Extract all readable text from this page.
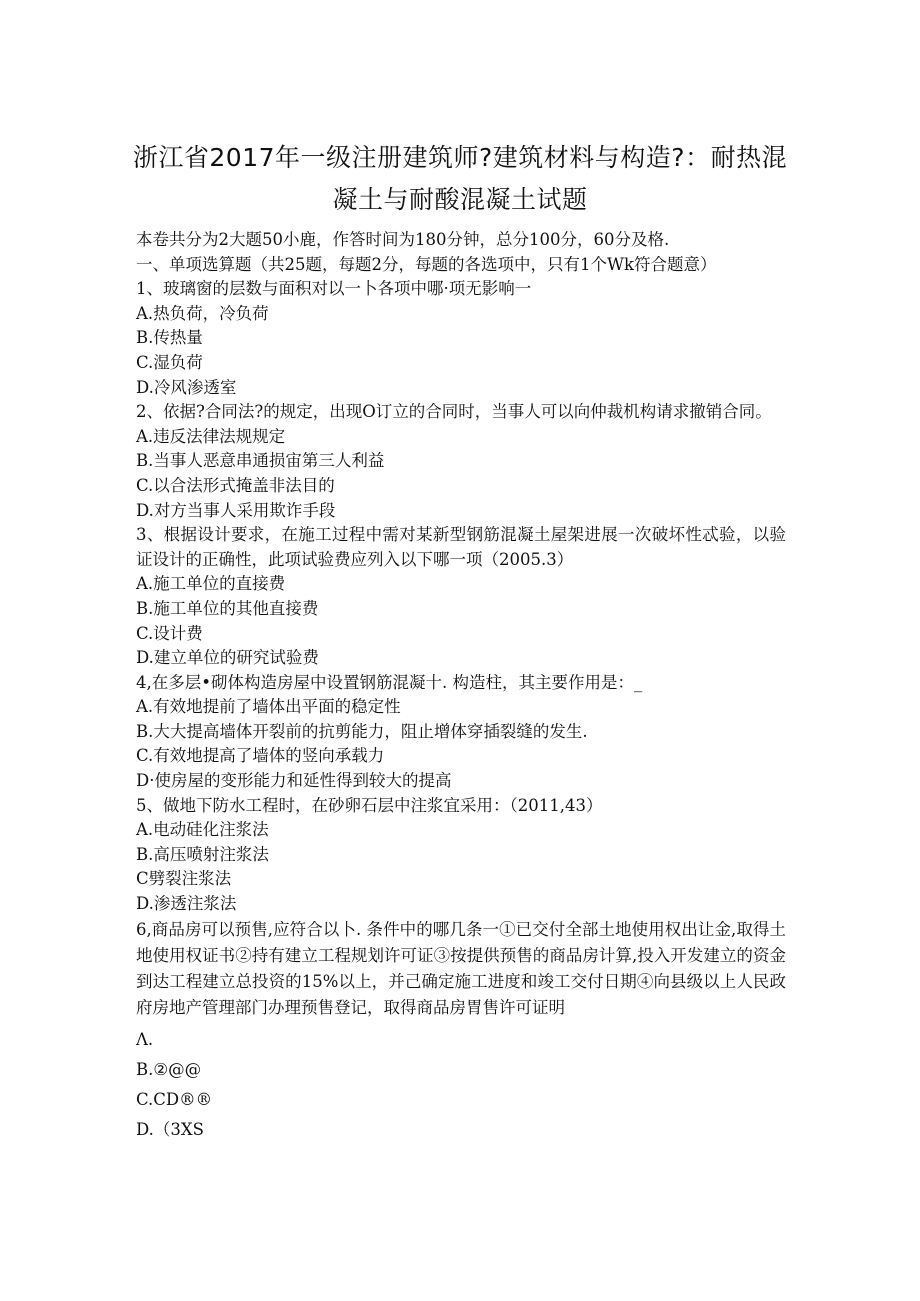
浙江省2017年一级注册建筑师?建筑材料与构造?：耐热混
凝土与耐酸混凝土试题
本卷共分为2大题50小鹿，作答时间为180分钟，总分100分，60分及格.
一、单项选算题（共25题，每题2分，每题的各选项中，只有1个Wk符合题意）
1、玻璃窗的层数与面积对以一卜各项中哪·项无影响一
A.热负荷，冷负荷
B.传热量
C.湿负荷
D.冷风渗透室
2、依据?合同法?的规定，出现O订立的合同时，当事人可以向仲裁机构请求撤销合同。
A.违反法律法规规定
B.当事人恶意串通损宙第三人利益
C.以合法形式掩盖非法目的
D.对方当事人采用欺诈手段
3、根据设计要求，在施工过程中需对某新型钢筋混凝土屋架进展一次破坏性忒验，以验证设计的正确性，此项试验费应列入以下哪一项（2005.3）
A.施工单位的直接费
B.施工单位的其他直接费
C.设计费
D.建立单位的研究试验费
4,在多层•砌体构造房屋中设置钢筋混凝十. 构造柱，其主要作用是：_
A.有效地提前了墙体出平面的稳定性
B.大大提高墙体开裂前的抗剪能力，阻止增体穿插裂缝的发生.
C.有效地提高了墙体的竖向承载力
D·使房屋的变形能力和延性得到较大的提高
5、做地下防水工程时，在砂卵石层中注浆宜采用：（2011,43）
A.电动硅化注浆法
B.高压喷射注浆法
C劈裂注浆法
D.渗透注浆法
6,商品房可以预售,应符合以卜. 条件中的哪几条一①已交付全部土地使用权出让金,取得土地使用权证书②持有建立工程规划许可证③按提供预售的商品房计算,投入开发建立的资金到达工程建立总投资的15%以上，并己确定施工进度和竣工交付日期④向县级以上人民政府房地产管理部门办理预售登记，取得商品房胃售许可证明
Λ.
B.②@@
C.CD®®
D.（3XS
